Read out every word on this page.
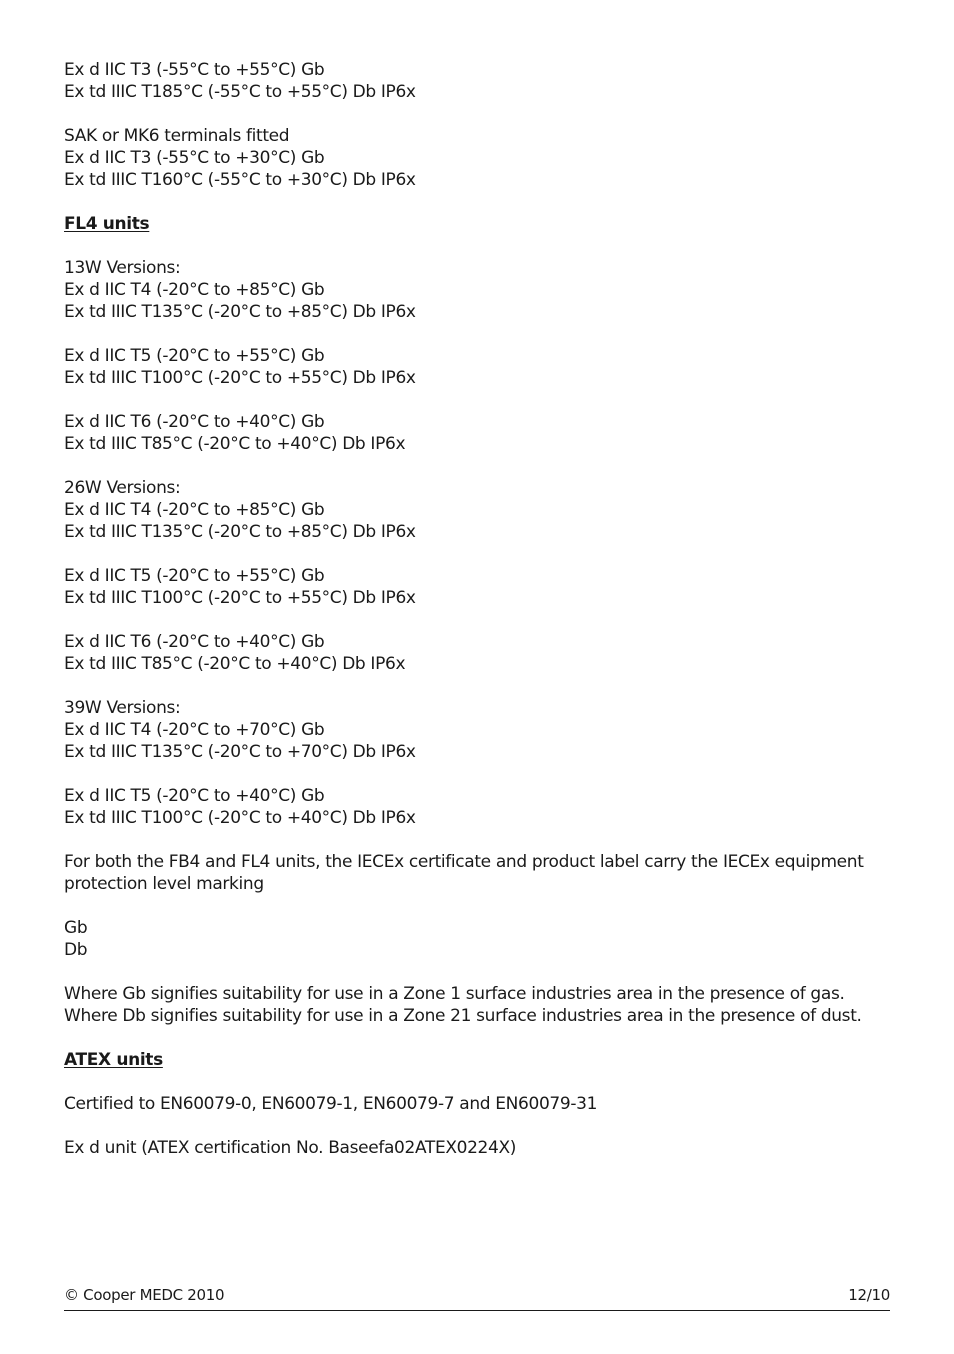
Ex d IIC T3 (-55°C to +55°C) Gb
Ex td IIIC T185°C (-55°C to +55°C) Db IP6x
SAK or MK6 terminals fitted
Ex d IIC T3 (-55°C to +30°C) Gb
Ex td IIIC T160°C (-55°C to +30°C) Db IP6x
FL4 units
13W Versions:
Ex d IIC T4 (-20°C to +85°C) Gb
Ex td IIIC T135°C (-20°C to +85°C) Db IP6x
Ex d IIC T5 (-20°C to +55°C) Gb
Ex td IIIC T100°C (-20°C to +55°C) Db IP6x
Ex d IIC T6 (-20°C to +40°C) Gb
Ex td IIIC T85°C (-20°C to +40°C) Db IP6x
26W Versions:
Ex d IIC T4 (-20°C to +85°C) Gb
Ex td IIIC T135°C (-20°C to +85°C) Db IP6x
Ex d IIC T5 (-20°C to +55°C) Gb
Ex td IIIC T100°C (-20°C to +55°C) Db IP6x
Ex d IIC T6 (-20°C to +40°C) Gb
Ex td IIIC T85°C (-20°C to +40°C) Db IP6x
39W Versions:
Ex d IIC T4 (-20°C to +70°C) Gb
Ex td IIIC T135°C (-20°C to +70°C) Db IP6x
Ex d IIC T5 (-20°C to +40°C) Gb
Ex td IIIC T100°C (-20°C to +40°C) Db IP6x
For both the FB4 and FL4 units, the IECEx certificate and product label carry the IECEx equipment protection level marking
Gb
Db
Where Gb signifies suitability for use in a Zone 1 surface industries area in the presence of gas.
Where Db signifies suitability for use in a Zone 21 surface industries area in the presence of dust.
ATEX units
Certified to EN60079-0, EN60079-1, EN60079-7 and EN60079-31
Ex d unit (ATEX certification No. Baseefa02ATEX0224X)
© Cooper MEDC 2010	12/10
